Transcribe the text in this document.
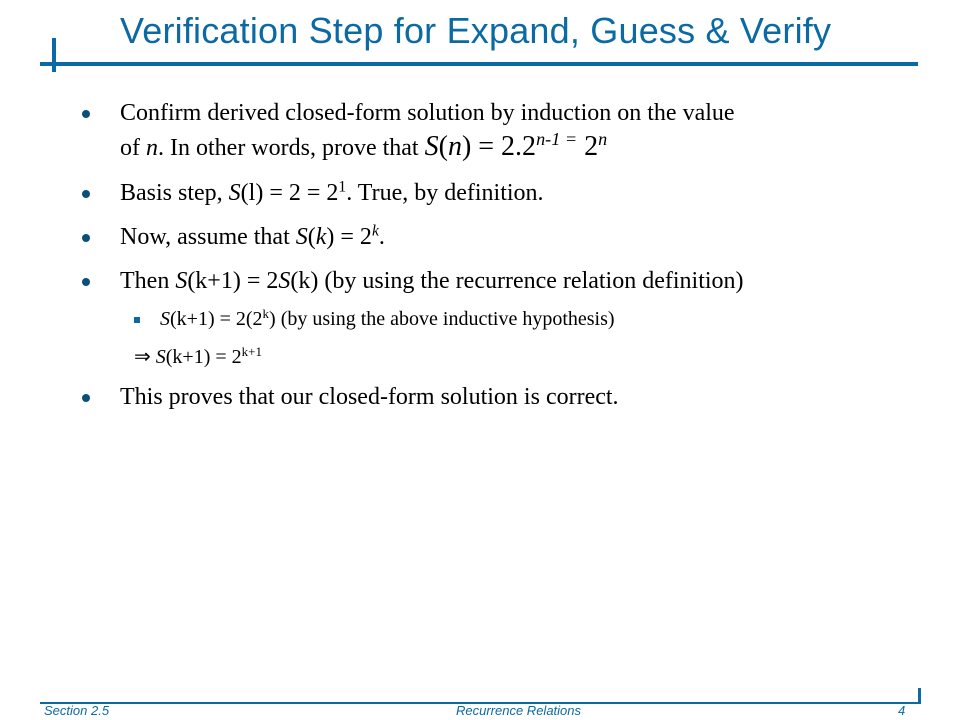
Verification Step for Expand, Guess & Verify
Confirm derived closed-form solution by induction on the value
of n. In other words, prove that $S(n) = 2.2^{n-1 =}$ 2$^n$
Basis step, $S(l) = 2 = 2^1$. True, by definition.
Now, assume that $S(k) = 2^k$.
Then S(k+1) = 2S(k) (by using the recurrence relation definition)
$S(k+1) = 2(2^k)$ (by using the above inductive hypothesis)
⇒ $S(k+1) = 2^{k+1}$
This proves that our closed-form solution is correct.
Section 2.5	Recurrence Relations	4
